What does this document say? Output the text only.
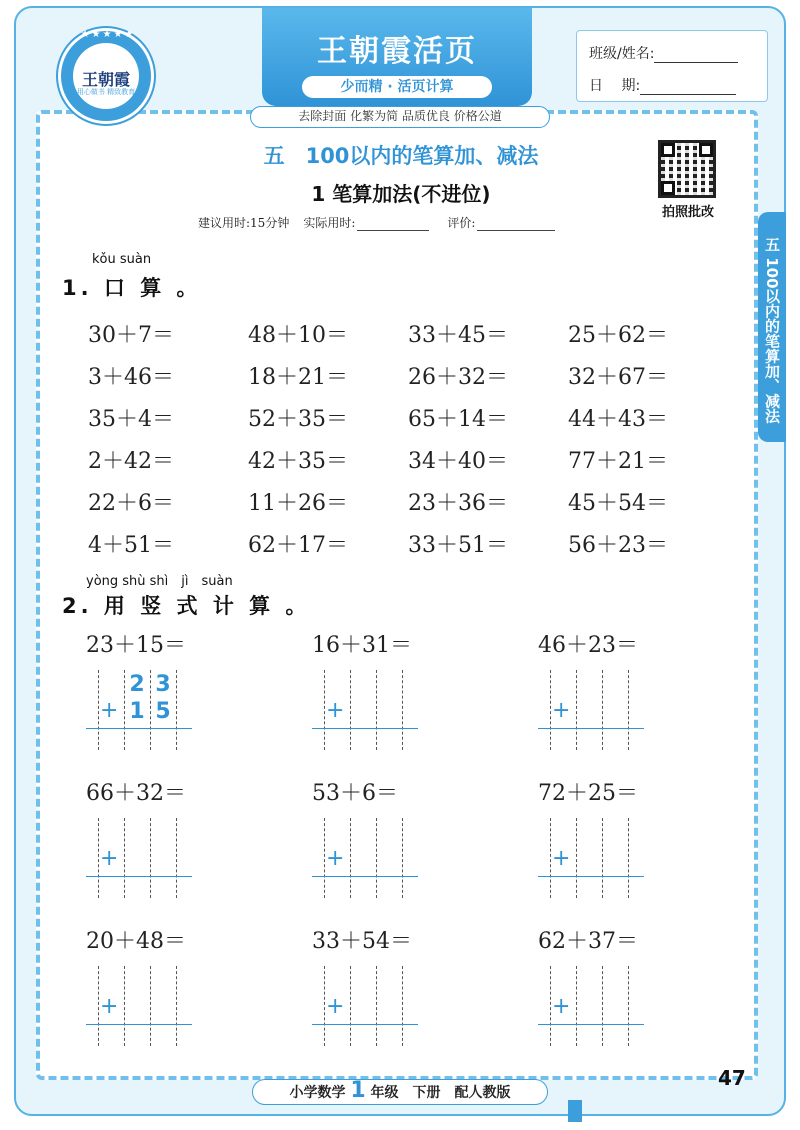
★★★★★
王朝霞
用心做书 精致教育
王朝霞活页
少而精 · 活页计算
去除封面 化繁为简 品质优良 价格公道
班级/姓名:
日　 期:
五　100以内的笔算加、减法
1 笔算加法(不进位)
建议用时:15分钟 实际用时:	评价:
拍照批改
五 100以内的笔算加、减法
kǒu suàn
1. 口 算 。
30＋7＝	48＋10＝	33＋45＝	25＋62＝
3＋46＝	18＋21＝	26＋32＝	32＋67＝
35＋4＝	52＋35＝	65＋14＝	44＋43＝
2＋42＝	42＋35＝	34＋40＝	77＋21＝
22＋6＝	11＋26＝	23＋36＝	45＋54＝
4＋51＝	62＋17＝	33＋51＝	56＋23＝
yòng shù shì　jì　suàn
2. 用 竖 式 计 算 。
23＋15＝
+
2 3
1 5
16＋31＝
+
46＋23＝
+
66＋32＝
+
53＋6＝
+
72＋25＝
+
20＋48＝
+
33＋54＝
+
62＋37＝
+
小学数学 1 年级　下册　配人教版
47
